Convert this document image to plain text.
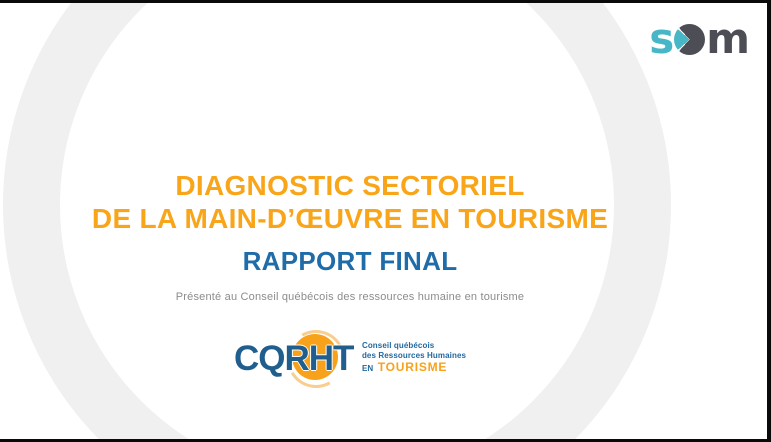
s m
DIAGNOSTIC SECTORIEL
DE LA MAIN-D’ŒUVRE EN TOURISME
RAPPORT FINAL
Présenté au Conseil québécois des ressources humaine en tourisme
CQRHT Conseil québécois
des Ressources Humaines
EN TOURISME
